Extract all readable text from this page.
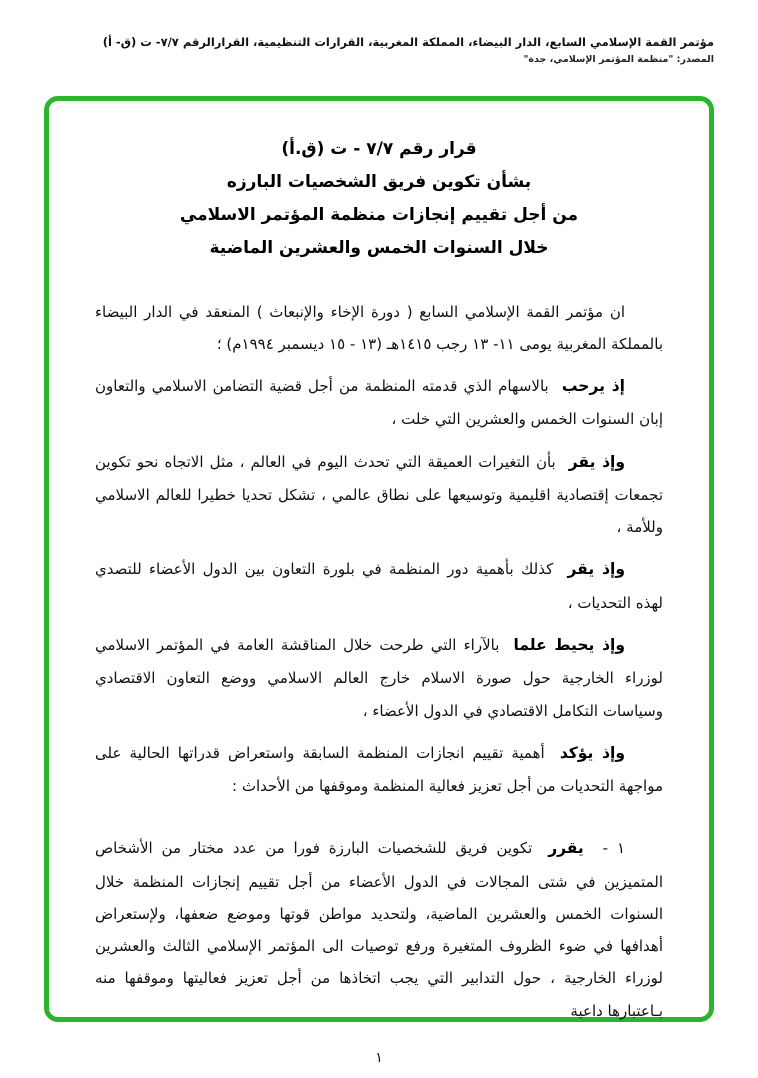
مؤتمر القمة الإسلامي السابع، الدار البيضاء، المملكة المغربية، القرارات التنظيمية، القرارالرقم ٧/٧- ت (ق- أ)
المصدر: "منظمة المؤتمر الإسلامي، جدة"
قرار رقم ٧/٧ - ت (ق.أ)
بشأن تكوين فريق الشخصيات البارزه
من أجل تقييم إنجازات منظمة المؤتمر الاسلامي
خلال السنوات الخمس والعشرين الماضية

ان مؤتمر القمة الإسلامي السابع ( دورة الإخاء والإنبعاث ) المنعقد في الدار البيضاء بالمملكة المغربية يومى ١١- ١٣ رجب ١٤١٥هـ (١٣ - ١٥ ديسمبر ١٩٩٤م) ؛

إذ يرحب بالاسهام الذي قدمته المنظمة من أجل قضية التضامن الاسلامي والتعاون إبان السنوات الخمس والعشرين التي خلت ،

وإذ يقر بأن التغيرات العميقة التي تحدث اليوم في العالم ، مثل الاتجاه نحو تكوين تجمعات إقتصادية اقليمية وتوسيعها على نطاق عالمي ، تشكل تحديا خطيرا للعالم الاسلامي وللأمة ،

وإذ يقر كذلك بأهمية دور المنظمة في بلورة التعاون بين الدول الأعضاء للتصدي لهذه التحديات ،

وإذ يحيط علما بالآراء التي طرحت خلال المناقشة العامة في المؤتمر الاسلامي لوزراء الخارجية حول صورة الاسلام خارج العالم الاسلامي ووضع التعاون الاقتصادي وسياسات التكامل الاقتصادي في الدول الأعضاء ،

وإذ يؤكد أهمية تقييم انجازات المنظمة السابقة واستعراض قدراتها الحالية على مواجهة التحديات من أجل تعزيز فعالية المنظمة وموقفها من الأحداث :

١ - يقرر تكوين فريق للشخصيات البارزة فورا من عدد مختار من الأشخاص المتميزين في شتى المجالات في الدول الأعضاء من أجل تقييم إنجازات المنظمة خلال السنوات الخمس والعشرين الماضية، ولتحديد مواطن قوتها وموضع ضعفها، ولإستعراض أهدافها في ضوء الظروف المتغيرة ورفع توصيات الى المؤتمر الإسلامي الثالث والعشرين لوزراء الخارجية ، حول التدابير التي يجب اتخاذها من أجل تعزيز فعاليتها وموقفها منه بـاعتبارها داعية

١
